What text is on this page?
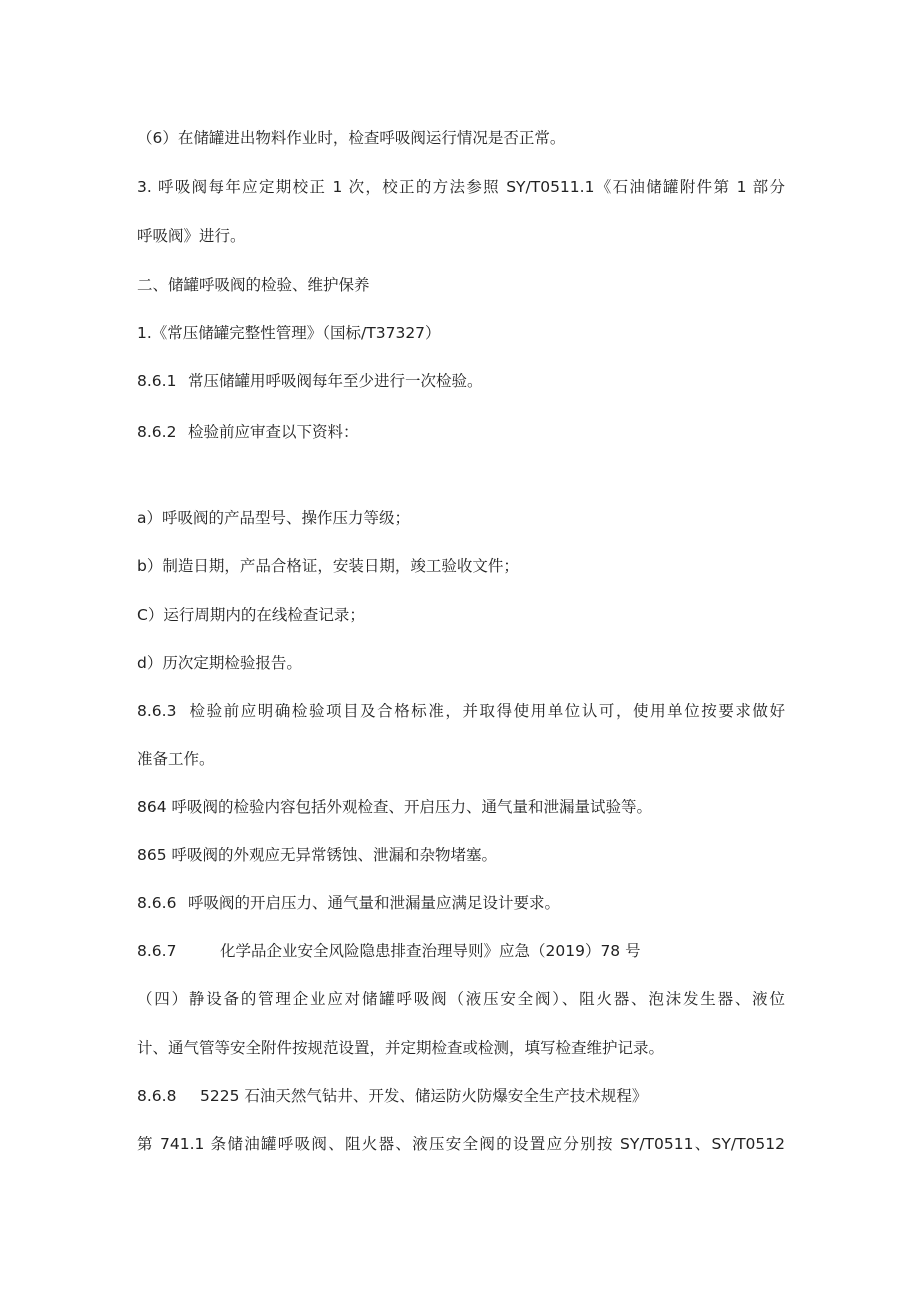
（6）在储罐进出物料作业时，检查呼吸阀运行情况是否正常。
3. 呼吸阀每年应定期校正 1 次，校正的方法参照 SY/T0511.1《石油储罐附件第 1 部分
呼吸阀》进行。
二、储罐呼吸阀的检验、维护保养
1.《常压储罐完整性管理》（国标/T37327）
8.6.1 常压储罐用呼吸阀每年至少进行一次检验。
8.6.2 检验前应审查以下资料：
a）呼吸阀的产品型号、操作压力等级；
b）制造日期，产品合格证，安装日期，竣工验收文件；
C）运行周期内的在线检查记录；
d）历次定期检验报告。
8.6.3 检验前应明确检验项目及合格标准，并取得使用单位认可，使用单位按要求做好
准备工作。
864 呼吸阀的检验内容包括外观检查、开启压力、通气量和泄漏量试验等。
865 呼吸阀的外观应无异常锈蚀、泄漏和杂物堵塞。
8.6.6 呼吸阀的开启压力、通气量和泄漏量应满足设计要求。
8.6.7	化学品企业安全风险隐患排查治理导则》应急（2019）78 号
（四）静设备的管理企业应对储罐呼吸阀（液压安全阀）、阻火器、泡沫发生器、液位
计、通气管等安全附件按规范设置，并定期检查或检测，填写检查维护记录。
8.6.8 5225 石油天然气钻井、开发、储运防火防爆安全生产技术规程》
第 741.1 条储油罐呼吸阀、阻火器、液压安全阀的设置应分别按 SY/T0511、SY/T0512
